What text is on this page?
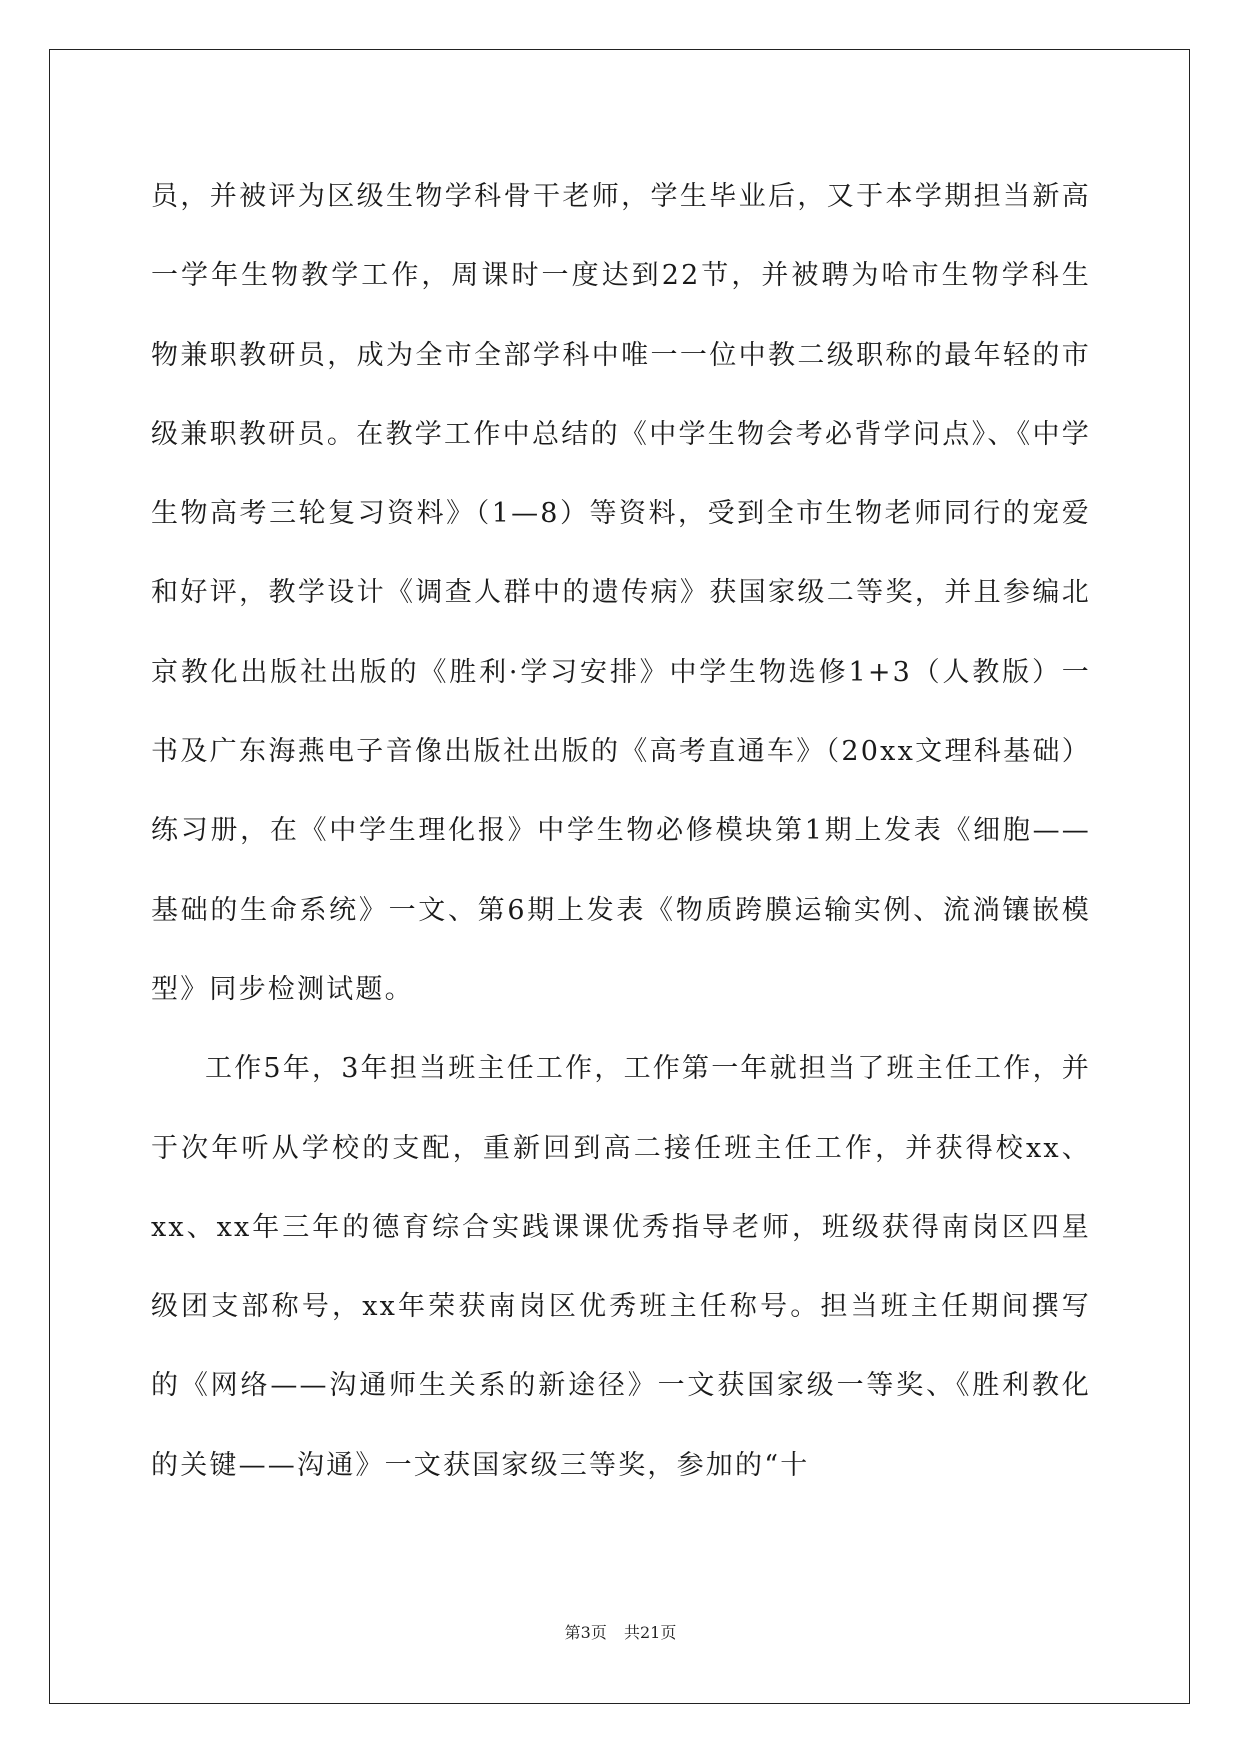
员，并被评为区级生物学科骨干老师，学生毕业后，又于本学期担当新高一学年生物教学工作，周课时一度达到22节，并被聘为哈市生物学科生物兼职教研员，成为全市全部学科中唯一一位中教二级职称的最年轻的市级兼职教研员。在教学工作中总结的《中学生物会考必背学问点》、《中学生物高考三轮复习资料》（1—8）等资料，受到全市生物老师同行的宠爱和好评，教学设计《调查人群中的遗传病》获国家级二等奖，并且参编北京教化出版社出版的《胜利·学习安排》中学生物选修1+3（人教版）一书及广东海燕电子音像出版社出版的《高考直通车》（20xx文理科基础）练习册，在《中学生理化报》中学生物必修模块第1期上发表《细胞——基础的生命系统》一文、第6期上发表《物质跨膜运输实例、流淌镶嵌模型》同步检测试题。

工作5年，3年担当班主任工作，工作第一年就担当了班主任工作，并于次年听从学校的支配，重新回到高二接任班主任工作，并获得校xx、xx、xx年三年的德育综合实践课课优秀指导老师，班级获得南岗区四星级团支部称号，xx年荣获南岗区优秀班主任称号。担当班主任期间撰写的《网络——沟通师生关系的新途径》一文获国家级一等奖、《胜利教化的关键——沟通》一文获国家级三等奖，参加的“十

第3页 共21页
